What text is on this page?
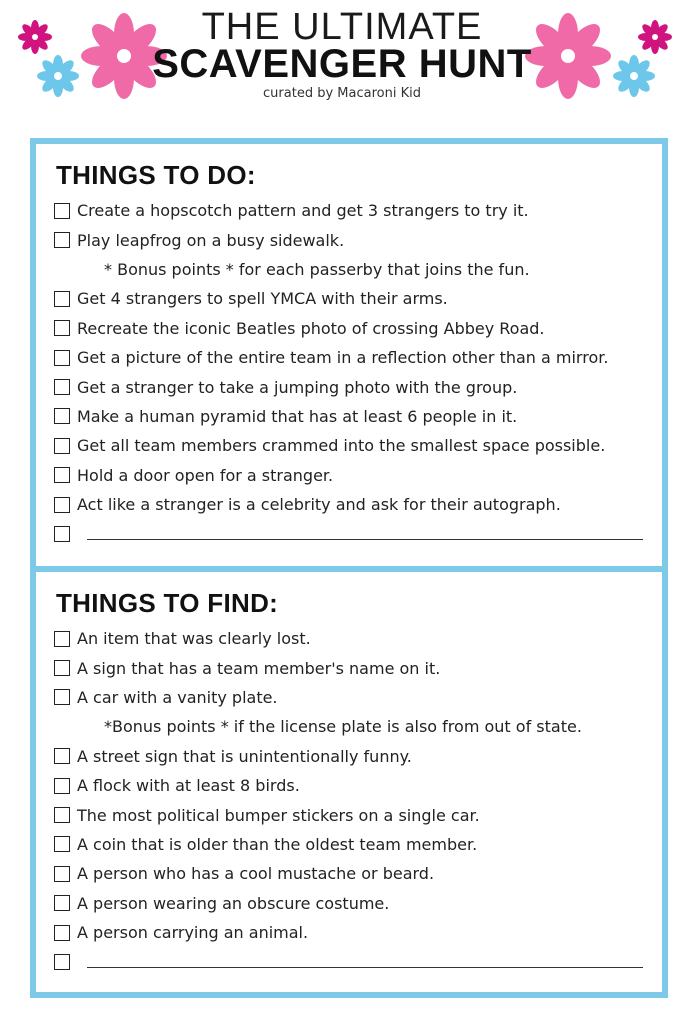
THE ULTIMATE
SCAVENGER HUNT
curated by Macaroni Kid
THINGS TO DO:
Create a hopscotch pattern and get 3 strangers to try it.
Play leapfrog on a busy sidewalk.
* Bonus points * for each passerby that joins the fun.
Get 4 strangers to spell YMCA with their arms.
Recreate the iconic Beatles photo of crossing Abbey Road.
Get a picture of the entire team in a reflection other than a mirror.
Get a stranger to take a jumping photo with the group.
Make a human pyramid that has at least 6 people in it.
Get all team members crammed into the smallest space possible.
Hold a door open for a stranger.
Act like a stranger is a celebrity and ask for their autograph.
THINGS TO FIND:
An item that was clearly lost.
A sign that has a team member's name on it.
A car with a vanity plate.
*Bonus points * if the license plate is also from out of state.
A street sign that is unintentionally funny.
A flock with at least 8 birds.
The most political bumper stickers on a single car.
A coin that is older than the oldest team member.
A person who has a cool mustache or beard.
A person wearing an obscure costume.
A person carrying an animal.
